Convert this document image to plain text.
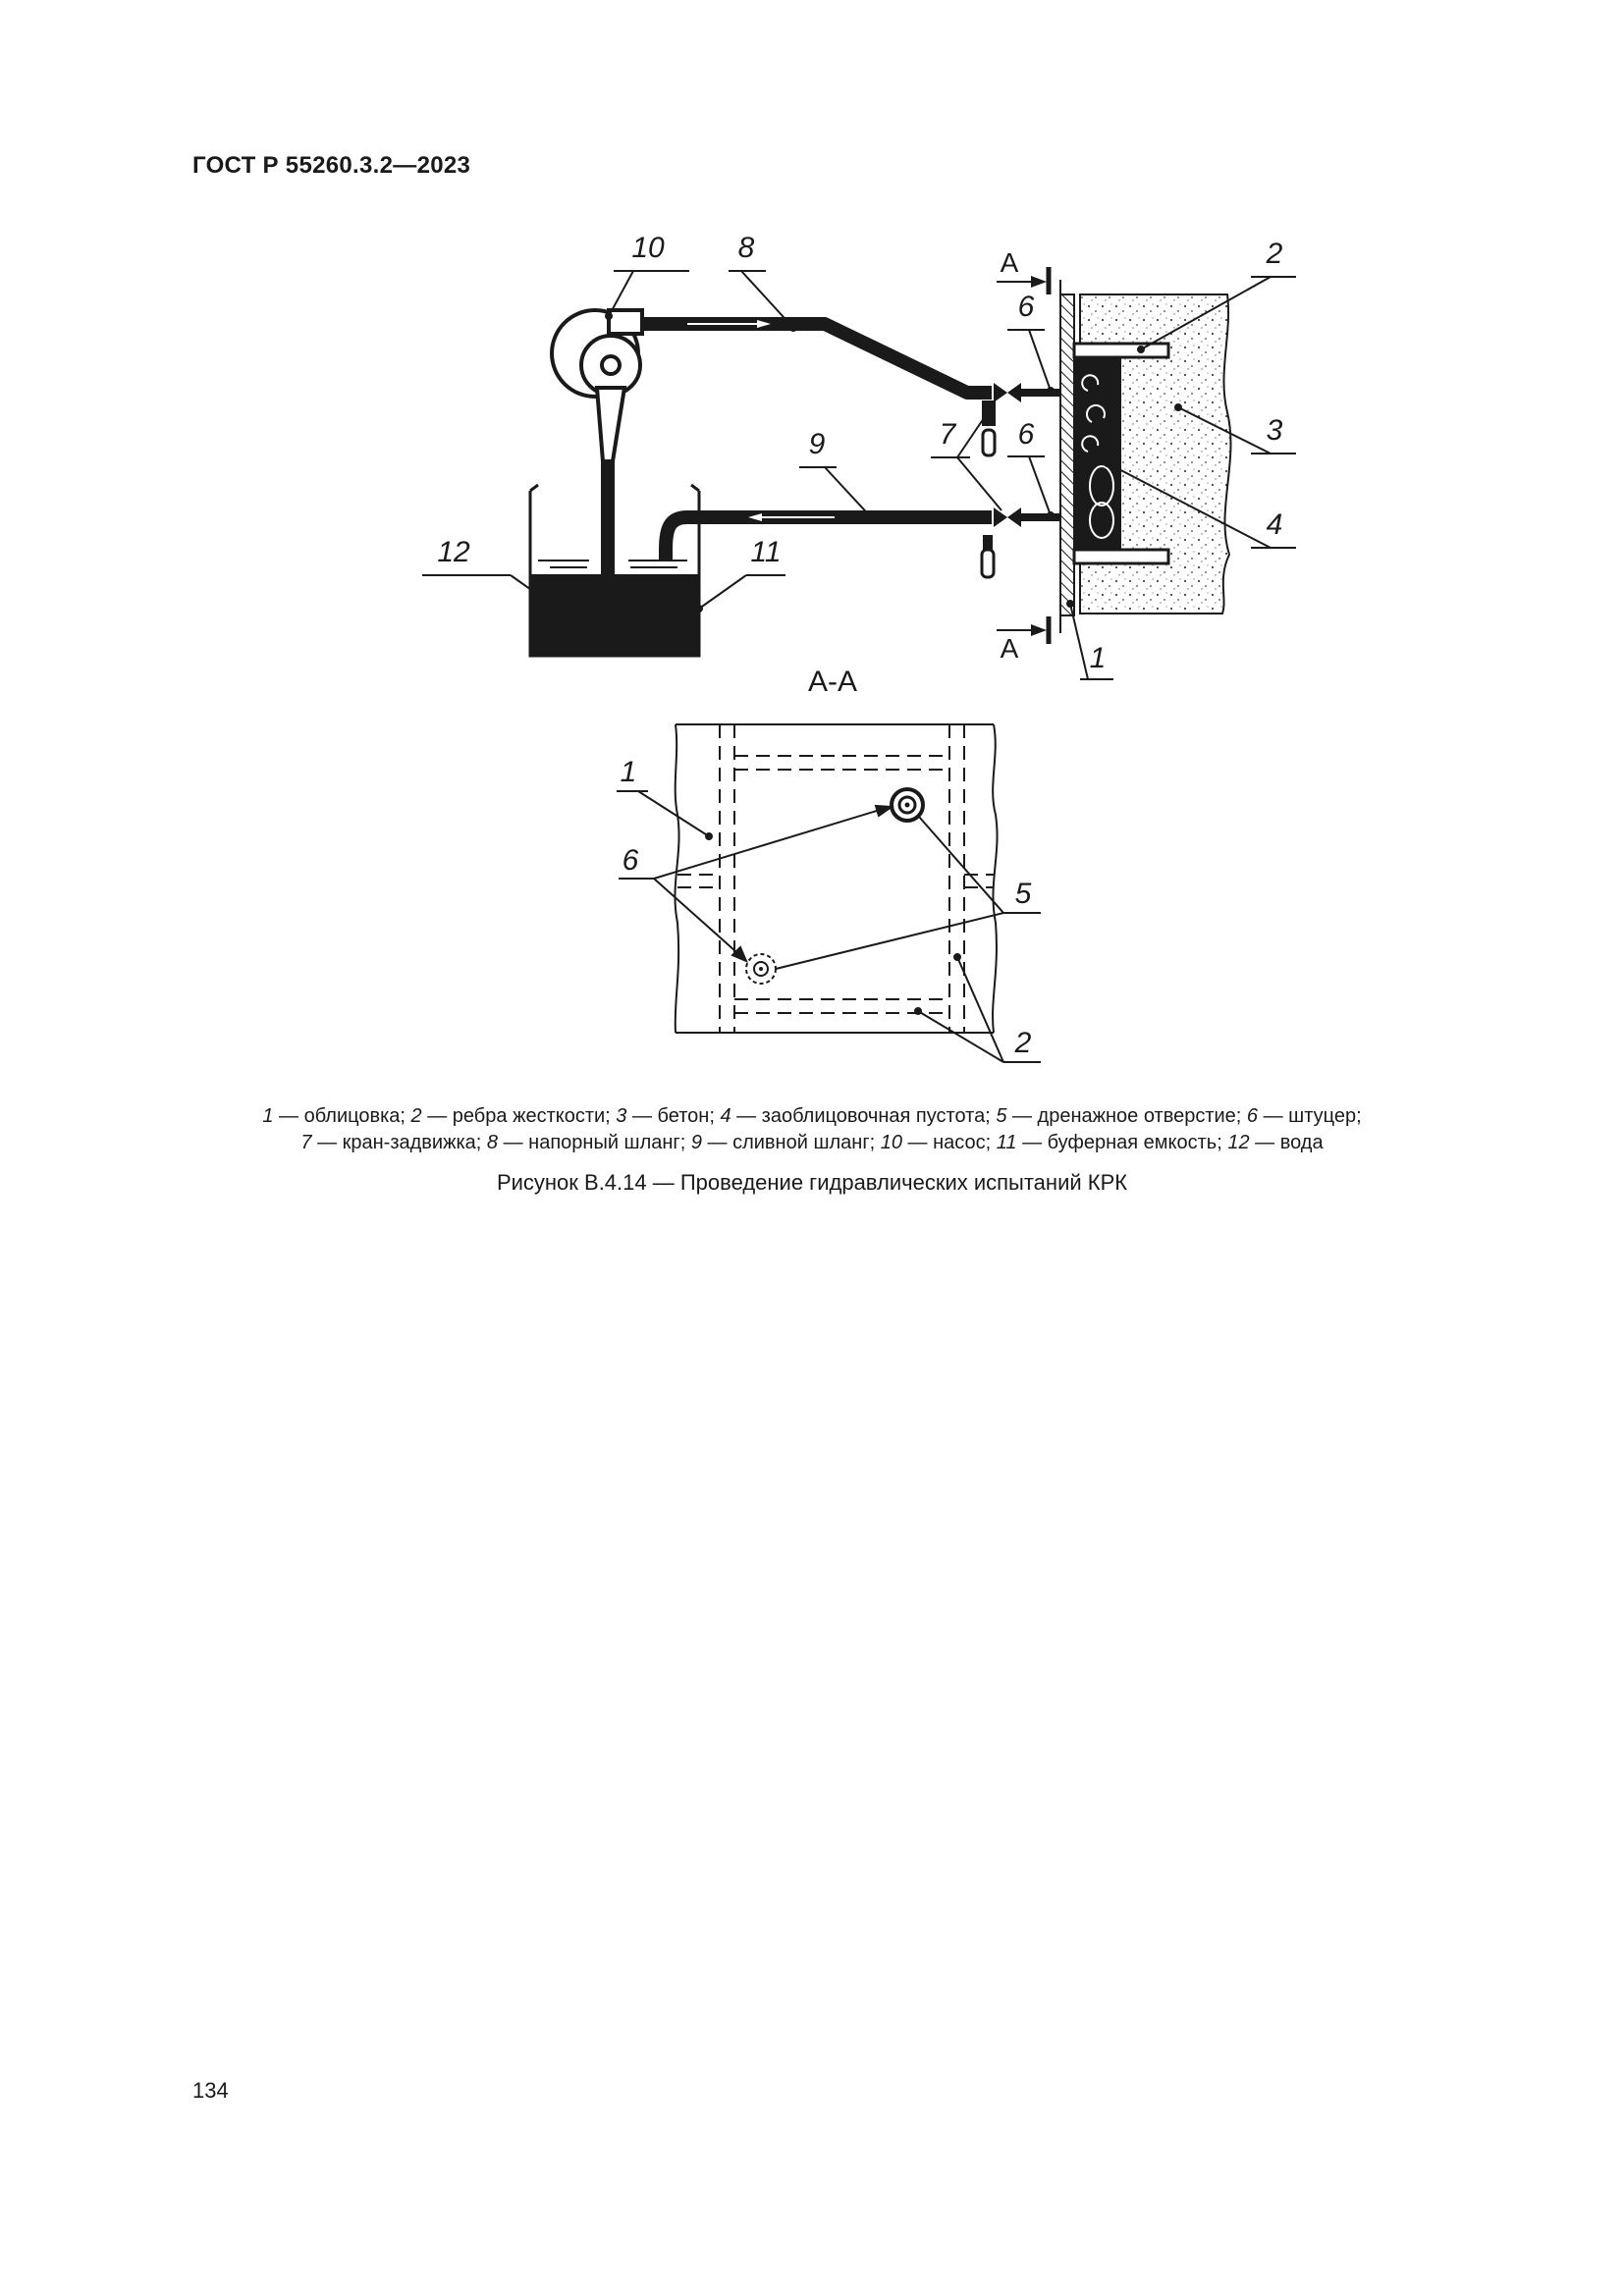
ГОСТ Р 55260.3.2—2023
10 8
9	7
6
6
2
3
4
1
12	11
А
А
А-А
1
6
5
2
1 — облицовка; 2 — ребра жесткости; 3 — бетон; 4 — заоблицовочная пустота; 5 — дренажное отверстие; 6 — штуцер;
7 — кран-задвижка; 8 — напорный шланг; 9 — сливной шланг; 10 — насос; 11 — буферная емкость; 12 — вода
Рисунок В.4.14 — Проведение гидравлических испытаний КРК
134
